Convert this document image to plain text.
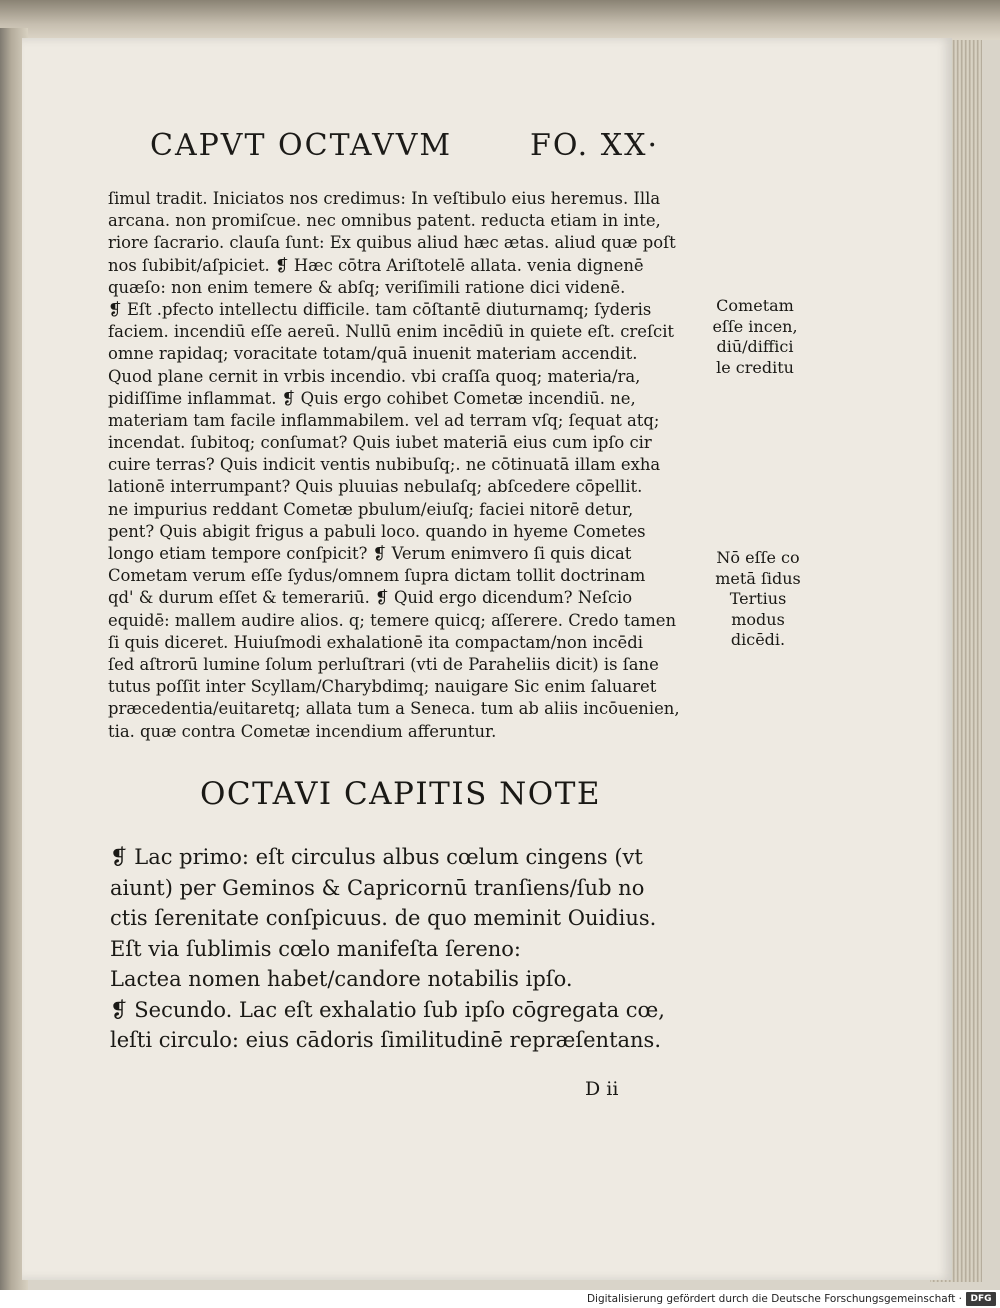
CAPVT OCTAVVM	FO. XX·
ſimul tradit. Iniciatos nos credimus: In veſtibulo eius heremus. Illa
arcana. non promiſcue. nec omnibus patent. reducta etiam in inte,
riore ſacrario. clauſa ſunt: Ex quibus aliud hæc ætas. aliud quæ poſt
nos ſubibit/aſpiciet. ❡ Hæc cōtra Ariſtotelē allata. venia dignenē
quæſo: non enim temere & abſq; veriſimili ratione dici videnē.
❡ Eſt .pfecto intellectu difficile. tam cōſtantē diuturnamq; ſyderis
faciem. incendiū eſſe aereū. Nullū enim incēdiū in quiete eſt. creſcit
omne rapidaq; voracitate totam/quā inuenit materiam accendit.
Quod plane cernit in vrbis incendio. vbi craſſa quoq; materia/ra,
pidiſſime inflammat. ❡ Quis ergo cohibet Cometæ incendiū. ne,
materiam tam facile inflammabilem. vel ad terram vſq; ſequat atq;
incendat. ſubitoq; conſumat? Quis iubet materiā eius cum ipſo cir
cuire terras? Quis indicit ventis nubibuſq;. ne cōtinuatā illam exha
lationē interrumpant? Quis pluuias nebulaſq; abſcedere cōpellit.
ne impurius reddant Cometæ pbulum/eiuſq; faciei nitorē detur,
pent? Quis abigit frigus a pabuli loco. quando in hyeme Cometes
longo etiam tempore conſpicit? ❡ Verum enimvero ſi quis dicat
Cometam verum eſſe ſydus/omnem ſupra dictam tollit doctrinam
qd' & durum eſſet & temerariū. ❡ Quid ergo dicendum? Neſcio
equidē: mallem audire alios. q; temere quicq; aſſerere. Credo tamen
ſi quis diceret. Huiuſmodi exhalationē ita compactam/non incēdi
ſed aſtrorū lumine ſolum perluſtrari (vti de Paraheliis dicit) is ſane
tutus poſſit inter Scyllam/Charybdimq; nauigare Sic enim ſaluaret
præcedentia/euitaretq; allata tum a Seneca. tum ab aliis incōuenien,
tia. quæ contra Cometæ incendium afferuntur.
Cometam
eſſe incen,
diū/diffici
le creditu
Nō eſſe co
metā ſidus
Tertius
modus
dicēdi.
OCTAVI CAPITIS NOTE
❡ Lac primo: eſt circulus albus cœlum cingens (vt
aiunt) per Geminos & Capricornū tranſiens/ſub no
ctis ſerenitate conſpicuus. de quo meminit Ouidius.
Eſt via ſublimis cœlo manifeſta ſereno:
Lactea nomen habet/candore notabilis ipſo.
❡ Secundo. Lac eſt exhalatio ſub ipſo cōgregata cœ,
leſti circulo: eius cādoris ſimilitudinē repræſentans.
D ii
Digitalisierung gefördert durch die Deutsche Forschungsgemeinschaft · DFG
